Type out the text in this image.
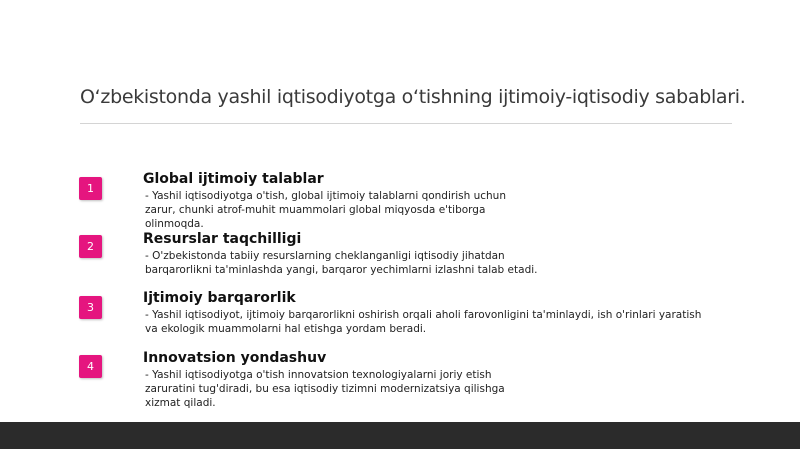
O‘zbekistonda yashil iqtisodiyotga o‘tishning ijtimoiy-iqtisodiy sabablari.
1
Global ijtimoiy talablar
- Yashil iqtisodiyotga o'tish, global ijtimoiy talablarni qondirish uchun
zarur, chunki atrof-muhit muammolari global miqyosda e'tiborga
olinmoqda.
2	Resurslar taqchilligi
- O'zbekistonda tabiiy resurslarning cheklanganligi iqtisodiy jihatdan
barqarorlikni ta'minlashda yangi, barqaror yechimlarni izlashni talab etadi.
3
Ijtimoiy barqarorlik
- Yashil iqtisodiyot, ijtimoiy barqarorlikni oshirish orqali aholi farovonligini ta'minlaydi, ish o'rinlari yaratish
va ekologik muammolarni hal etishga yordam beradi.
4
Innovatsion yondashuv
- Yashil iqtisodiyotga o'tish innovatsion texnologiyalarni joriy etish
zaruratini tug'diradi, bu esa iqtisodiy tizimni modernizatsiya qilishga
xizmat qiladi.
